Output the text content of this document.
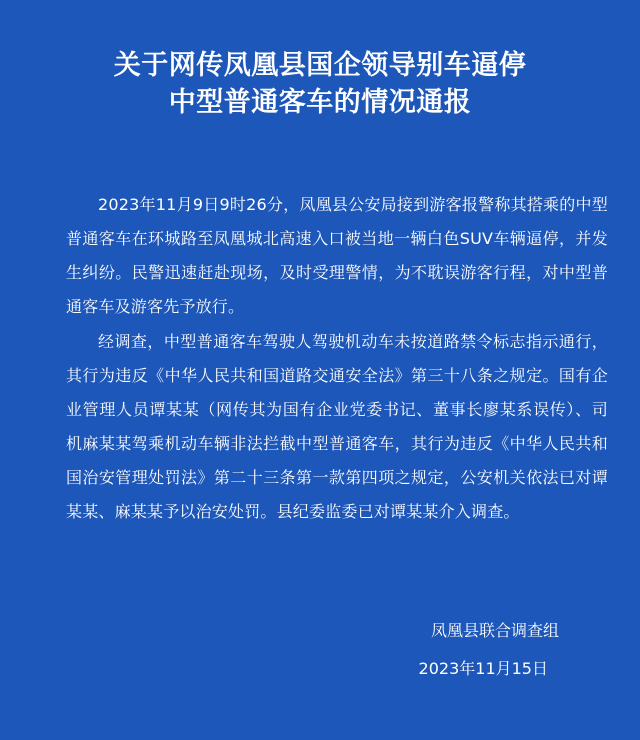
关于网传凤凰县国企领导别车逼停
中型普通客车的情况通报
2023年11月9日9时26分，凤凰县公安局接到游客报警称其搭乘的中型普通客车在环城路至凤凰城北高速入口被当地一辆白色SUV车辆逼停，并发生纠纷。民警迅速赶赴现场，及时受理警情，为不耽误游客行程，对中型普通客车及游客先予放行。
经调查，中型普通客车驾驶人驾驶机动车未按道路禁令标志指示通行，其行为违反《中华人民共和国道路交通安全法》第三十八条之规定。国有企业管理人员谭某某（网传其为国有企业党委书记、董事长廖某系误传）、司机麻某某驾乘机动车辆非法拦截中型普通客车，其行为违反《中华人民共和国治安管理处罚法》第二十三条第一款第四项之规定，公安机关依法已对谭某某、麻某某予以治安处罚。县纪委监委已对谭某某介入调查。
凤凰县联合调查组
2023年11月15日
